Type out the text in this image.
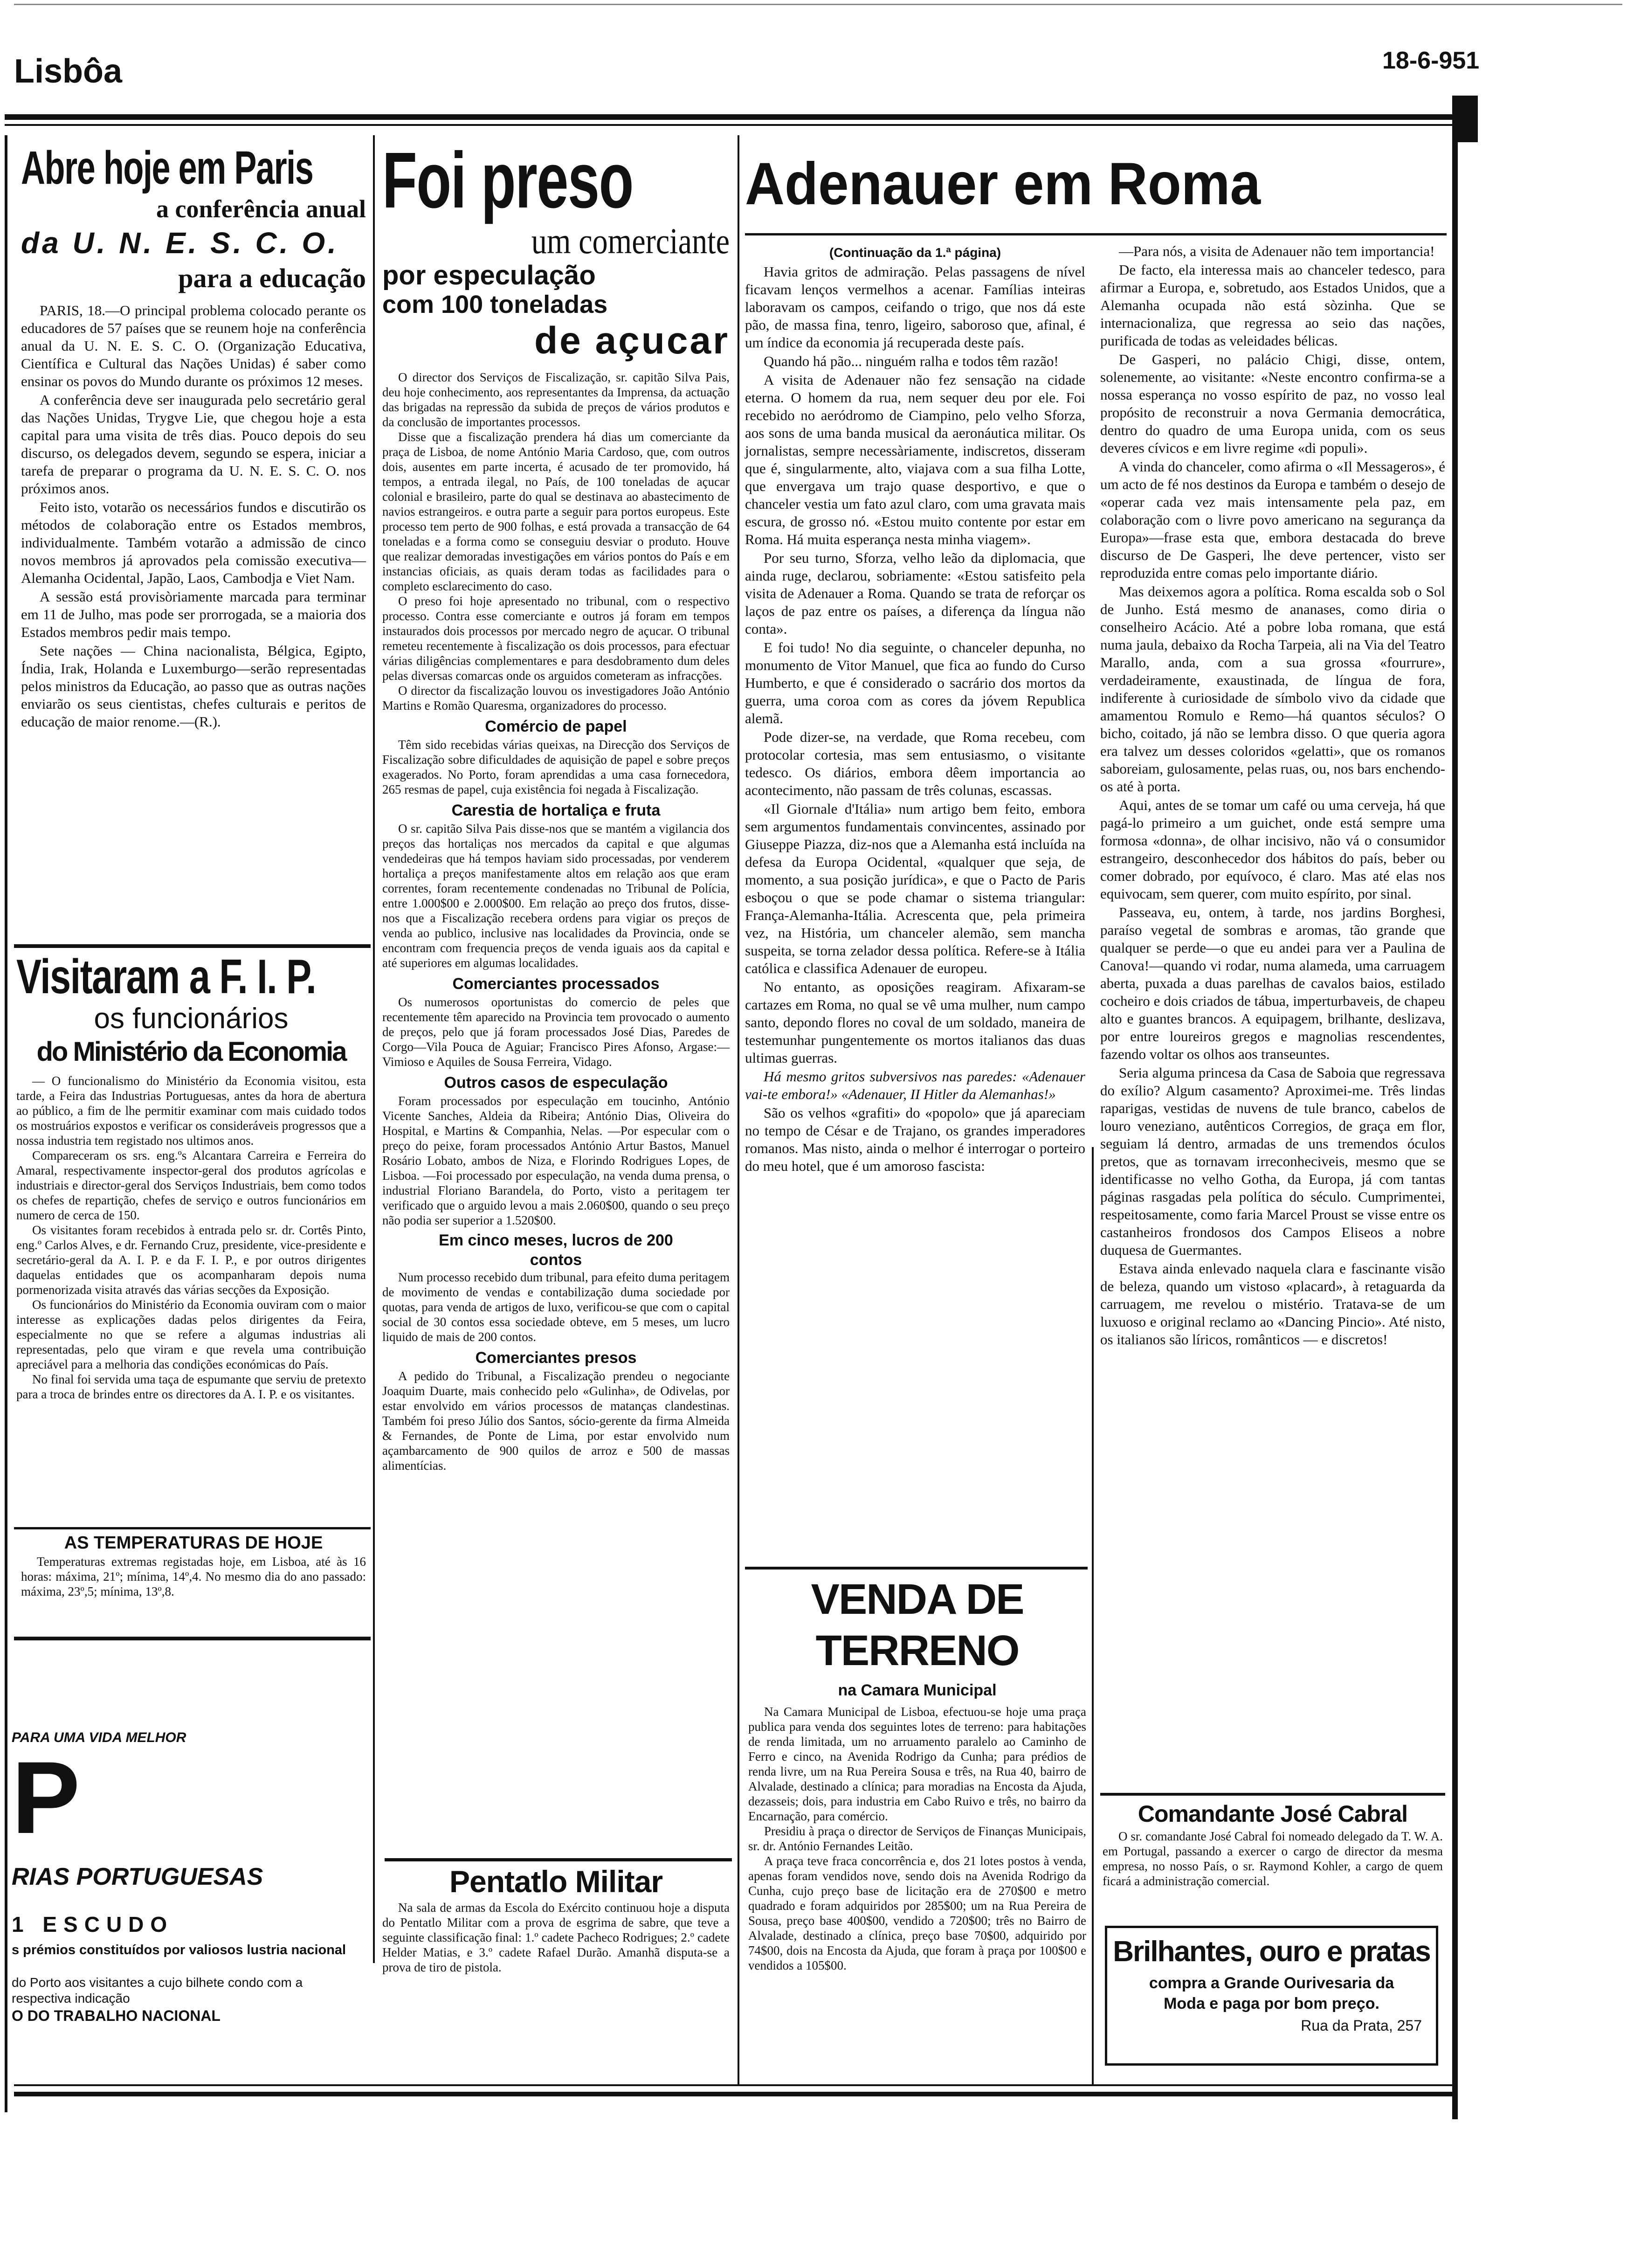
Lisbôa	18-6-951
Abre hoje em Paris
a conferência anual
da U. N. E. S. C. O.
para a educação

PARIS, 18.—O principal problema colocado perante os educadores de 57 países que se reunem hoje na conferência anual da U. N. E. S. C. O. (Organização Educativa, Científica e Cultural das Nações Unidas) é saber como ensinar os povos do Mundo durante os próximos 12 meses.

A conferência deve ser inaugurada pelo secretário geral das Nações Unidas, Trygve Lie, que chegou hoje a esta capital para uma visita de três dias. Pouco depois do seu discurso, os delegados devem, segundo se espera, iniciar a tarefa de preparar o programa da U. N. E. S. C. O. nos próximos anos.

Feito isto, votarão os necessários fundos e discutirão os métodos de colaboração entre os Estados membros, individualmente. Também votarão a admissão de cinco novos membros já aprovados pela comissão executiva—Alemanha Ocidental, Japão, Laos, Cambodja e Viet Nam.

A sessão está provisòriamente marcada para terminar em 11 de Julho, mas pode ser prorrogada, se a maioria dos Estados membros pedir mais tempo.

Sete nações — China nacionalista, Bélgica, Egipto, Índia, Irak, Holanda e Luxemburgo—serão representadas pelos ministros da Educação, ao passo que as outras nações enviarão os seus cientistas, chefes culturais e peritos de educação de maior renome.—(R.).

Visitaram a F. I. P.
os funcionários
do Ministério da Economia

— O funcionalismo do Ministério da Economia visitou, esta tarde, a Feira das Industrias Portuguesas, antes da hora de abertura ao público, a fim de lhe permitir examinar com mais cuidado todos os mostruários expostos e verificar os consideráveis progressos que a nossa industria tem registado nos ultimos anos.

Compareceram os srs. eng.ºs Alcantara Carreira e Ferreira do Amaral, respectivamente inspector-geral dos produtos agrícolas e industriais e director-geral dos Serviços Industriais, bem como todos os chefes de repartição, chefes de serviço e outros funcionários em numero de cerca de 150.

Os visitantes foram recebidos à entrada pelo sr. dr. Cortês Pinto, eng.º Carlos Alves, e dr. Fernando Cruz, presidente, vice-presidente e secretário-geral da A. I. P. e da F. I. P., e por outros dirigentes daquelas entidades que os acompanharam depois numa pormenorizada visita através das várias secções da Exposição.

Os funcionários do Ministério da Economia ouviram com o maior interesse as explicações dadas pelos dirigentes da Feira, especialmente no que se refere a algumas industrias ali representadas, pelo que viram e que revela uma contribuição apreciável para a melhoria das condições económicas do País.

No final foi servida uma taça de espumante que serviu de pretexto para a troca de brindes entre os directores da A. I. P. e os visitantes.

AS TEMPERATURAS DE HOJE
Temperaturas extremas registadas hoje, em Lisboa, até às 16 horas: máxima, 21º; mínima, 14º,4. No mesmo dia do ano passado: máxima, 23º,5; mínima, 13º,8.
PARA UMA VIDA MELHOR
P
RIAS PORTUGUESAS
1 ESCUDO
s prémios constituídos por valiosos lustria nacional
do Porto aos visitantes a cujo bilhete condo com a respectiva indicação
O DO TRABALHO NACIONAL
Foi preso
um comerciante
por especulação
com 100 toneladas
de açucar

O director dos Serviços de Fiscalização, sr. capitão Silva Pais, deu hoje conhecimento, aos representantes da Imprensa, da actuação das brigadas na repressão da subida de preços de vários produtos e da conclusão de importantes processos.

Disse que a fiscalização prendera há dias um comerciante da praça de Lisboa, de nome António Maria Cardoso, que, com outros dois, ausentes em parte incerta, é acusado de ter promovido, há tempos, a entrada ilegal, no País, de 100 toneladas de açucar colonial e brasileiro, parte do qual se destinava ao abastecimento de navios estrangeiros. e outra parte a seguir para portos europeus. Este processo tem perto de 900 folhas, e está provada a transacção de 64 toneladas e a forma como se conseguiu desviar o produto. Houve que realizar demoradas investigações em vários pontos do País e em instancias oficiais, as quais deram todas as facilidades para o completo esclarecimento do caso.

O preso foi hoje apresentado no tribunal, com o respectivo processo. Contra esse comerciante e outros já foram em tempos instaurados dois processos por mercado negro de açucar. O tribunal remeteu recentemente à fiscalização os dois processos, para efectuar várias diligências complementares e para desdobramento dum deles pelas diversas comarcas onde os arguidos cometeram as infracções.

O director da fiscalização louvou os investigadores João António Martins e Romão Quaresma, organizadores do processo.

Comércio de papel

Têm sido recebidas várias queixas, na Direcção dos Serviços de Fiscalização sobre dificuldades de aquisição de papel e sobre preços exagerados. No Porto, foram aprendidas a uma casa fornecedora, 265 resmas de papel, cuja existência foi negada à Fiscalização.

Carestia de hortaliça e fruta

O sr. capitão Silva Pais disse-nos que se mantém a vigilancia dos preços das hortaliças nos mercados da capital e que algumas vendedeiras que há tempos haviam sido processadas, por venderem hortaliça a preços manifestamente altos em relação aos que eram correntes, foram recentemente condenadas no Tribunal de Polícia, entre 1.000$00 e 2.000$00. Em relação ao preço dos frutos, disse-nos que a Fiscalização recebera ordens para vigiar os preços de venda ao publico, inclusive nas localidades da Provincia, onde se encontram com frequencia preços de venda iguais aos da capital e até superiores em algumas localidades.

Comerciantes processados

Os numerosos oportunistas do comercio de peles que recentemente têm aparecido na Provincia tem provocado o aumento de preços, pelo que já foram processados José Dias, Paredes de Corgo—Vila Pouca de Aguiar; Francisco Pires Afonso, Argase:—Vimioso e Aquiles de Sousa Ferreira, Vidago.

Outros casos de especulação

Foram processados por especulação em toucinho, António Vicente Sanches, Aldeia da Ribeira; António Dias, Oliveira do Hospital, e Martins & Companhia, Nelas. —Por especular com o preço do peixe, foram processados António Artur Bastos, Manuel Rosário Lobato, ambos de Niza, e Florindo Rodrigues Lopes, de Lisboa. —Foi processado por especulação, na venda duma prensa, o industrial Floriano Barandela, do Porto, visto a peritagem ter verificado que o arguido levou a mais 2.060$00, quando o seu preço não podia ser superior a 1.520$00.

Em cinco meses, lucros de 200 contos

Num processo recebido dum tribunal, para efeito duma peritagem de movimento de vendas e contabilização duma sociedade por quotas, para venda de artigos de luxo, verificou-se que com o capital social de 30 contos essa sociedade obteve, em 5 meses, um lucro liquido de mais de 200 contos.

Comerciantes presos

A pedido do Tribunal, a Fiscalização prendeu o negociante Joaquim Duarte, mais conhecido pelo «Gulinha», de Odivelas, por estar envolvido em vários processos de matanças clandestinas. Também foi preso Júlio dos Santos, sócio-gerente da firma Almeida & Fernandes, de Ponte de Lima, por estar envolvido num açambarcamento de 900 quilos de arroz e 500 de massas alimentícias.

Pentatlo Militar

Na sala de armas da Escola do Exército continuou hoje a disputa do Pentatlo Militar com a prova de esgrima de sabre, que teve a seguinte classificação final: 1.º cadete Pacheco Rodrigues; 2.º cadete Helder Matias, e 3.º cadete Rafael Durão. Amanhã disputa-se a prova de tiro de pistola.

Adenauer em Roma
(Continuação da 1.ª página)

Havia gritos de admiração. Pelas passagens de nível ficavam lenços vermelhos a acenar. Famílias inteiras laboravam os campos, ceifando o trigo, que nos dá este pão, de massa fina, tenro, ligeiro, saboroso que, afinal, é um índice da economia já recuperada deste país.

Quando há pão... ninguém ralha e todos têm razão!

A visita de Adenauer não fez sensação na cidade eterna. O homem da rua, nem sequer deu por ele. Foi recebido no aeródromo de Ciampino, pelo velho Sforza, aos sons de uma banda musical da aeronáutica militar. Os jornalistas, sempre necessàriamente, indiscretos, disseram que é, singularmente, alto, viajava com a sua filha Lotte, que envergava um trajo quase desportivo, e que o chanceler vestia um fato azul claro, com uma gravata mais escura, de grosso nó. «Estou muito contente por estar em Roma. Há muita esperança nesta minha viagem».

Por seu turno, Sforza, velho leão da diplomacia, que ainda ruge, declarou, sobriamente: «Estou satisfeito pela visita de Adenauer a Roma. Quando se trata de reforçar os laços de paz entre os países, a diferença da língua não conta».

E foi tudo! No dia seguinte, o chanceler depunha, no monumento de Vitor Manuel, que fica ao fundo do Curso Humberto, e que é considerado o sacrário dos mortos da guerra, uma coroa com as cores da jóvem Republica alemã.

Pode dizer-se, na verdade, que Roma recebeu, com protocolar cortesia, mas sem entusiasmo, o visitante tedesco. Os diários, embora dêem importancia ao acontecimento, não passam de três colunas, escassas.

«Il Giornale d'Itália» num artigo bem feito, embora sem argumentos fundamentais convincentes, assinado por Giuseppe Piazza, diz-nos que a Alemanha está incluída na defesa da Europa Ocidental, «qualquer que seja, de momento, a sua posição jurídica», e que o Pacto de Paris esboçou o que se pode chamar o sistema triangular: França-Alemanha-Itália. Acrescenta que, pela primeira vez, na História, um chanceler alemão, sem mancha suspeita, se torna zelador dessa política. Refere-se à Itália católica e classifica Adenauer de europeu.

No entanto, as oposições reagiram. Afixaram-se cartazes em Roma, no qual se vê uma mulher, num campo santo, depondo flores no coval de um soldado, maneira de testemunhar pungentemente os mortos italianos das duas ultimas guerras.

Há mesmo gritos subversivos nas paredes: «Adenauer vai-te embora!» «Adenauer, II Hitler da Alemanhas!»

São os velhos «grafiti» do «popolo» que já apareciam no tempo de César e de Trajano, os grandes imperadores romanos. Mas nisto, ainda o melhor é interrogar o porteiro do meu hotel, que é um amoroso fascista:

—Para nós, a visita de Adenauer não tem importancia!

De facto, ela interessa mais ao chanceler tedesco, para afirmar a Europa, e, sobretudo, aos Estados Unidos, que a Alemanha ocupada não está sòzinha. Que se internacionaliza, que regressa ao seio das nações, purificada de todas as veleidades bélicas.

De Gasperi, no palácio Chigi, disse, ontem, solenemente, ao visitante: «Neste encontro confirma-se a nossa esperança no vosso espírito de paz, no vosso leal propósito de reconstruir a nova Germania democrática, dentro do quadro de uma Europa unida, com os seus deveres cívicos e em livre regime «di populi».

A vinda do chanceler, como afirma o «Il Messageros», é um acto de fé nos destinos da Europa e também o desejo de «operar cada vez mais intensamente pela paz, em colaboração com o livre povo americano na segurança da Europa»—frase esta que, embora destacada do breve discurso de De Gasperi, lhe deve pertencer, visto ser reproduzida entre comas pelo importante diário.

Mas deixemos agora a política. Roma escalda sob o Sol de Junho. Está mesmo de ananases, como diria o conselheiro Acácio. Até a pobre loba romana, que está numa jaula, debaixo da Rocha Tarpeia, ali na Via del Teatro Marallo, anda, com a sua grossa «fourrure», verdadeiramente, exaustinada, de língua de fora, indiferente à curiosidade de símbolo vivo da cidade que amamentou Romulo e Remo—há quantos séculos? O bicho, coitado, já não se lembra disso. O que queria agora era talvez um desses coloridos «gelatti», que os romanos saboreiam, gulosamente, pelas ruas, ou, nos bars enchendo-os até à porta.

Aqui, antes de se tomar um café ou uma cerveja, há que pagá-lo primeiro a um guichet, onde está sempre uma formosa «donna», de olhar incisivo, não vá o consumidor estrangeiro, desconhecedor dos hábitos do país, beber ou comer dobrado, por equívoco, é claro. Mas até elas nos equivocam, sem querer, com muito espírito, por sinal.

Passeava, eu, ontem, à tarde, nos jardins Borghesi, paraíso vegetal de sombras e aromas, tão grande que qualquer se perde—o que eu andei para ver a Paulina de Canova!—quando vi rodar, numa alameda, uma carruagem aberta, puxada a duas parelhas de cavalos baios, estilado cocheiro e dois criados de tábua, imperturbaveis, de chapeu alto e guantes brancos. A equipagem, brilhante, deslizava, por entre loureiros gregos e magnolias rescendentes, fazendo voltar os olhos aos transeuntes.

Seria alguma princesa da Casa de Saboia que regressava do exílio? Algum casamento? Aproximei-me. Três lindas raparigas, vestidas de nuvens de tule branco, cabelos de louro veneziano, autênticos Corregios, de graça em flor, seguiam lá dentro, armadas de uns tremendos óculos pretos, que as tornavam irreconheciveis, mesmo que se identificasse no velho Gotha, da Europa, já com tantas páginas rasgadas pela política do século. Cumprimentei, respeitosamente, como faria Marcel Proust se visse entre os castanheiros frondosos dos Campos Eliseos a nobre duquesa de Guermantes.

Estava ainda enlevado naquela clara e fascinante visão de beleza, quando um vistoso «placard», à retaguarda da carruagem, me revelou o mistério. Tratava-se de um luxuoso e original reclamo ao «Dancing Pincio». Até nisto, os italianos são líricos, românticos — e discretos!

VENDA DE TERRENO
na Camara Municipal

Na Camara Municipal de Lisboa, efectuou-se hoje uma praça publica para venda dos seguintes lotes de terreno: para habitações de renda limitada, um no arruamento paralelo ao Caminho de Ferro e cinco, na Avenida Rodrigo da Cunha; para prédios de renda livre, um na Rua Pereira Sousa e três, na Rua 40, bairro de Alvalade, destinado a clínica; para moradias na Encosta da Ajuda, dezasseis; dois, para industria em Cabo Ruivo e três, no bairro da Encarnação, para comércio.

Presidiu à praça o director de Serviços de Finanças Municipais, sr. dr. António Fernandes Leitão.

A praça teve fraca concorrência e, dos 21 lotes postos à venda, apenas foram vendidos nove, sendo dois na Avenida Rodrigo da Cunha, cujo preço base de licitação era de 270$00 e metro quadrado e foram adquiridos por 285$00; um na Rua Pereira de Sousa, preço base 400$00, vendido a 720$00; três no Bairro de Alvalade, destinado a clínica, preço base 70$00, adquirido por 74$00, dois na Encosta da Ajuda, que foram à praça por 100$00 e vendidos a 105$00.

Comandante José Cabral

O sr. comandante José Cabral foi nomeado delegado da T. W. A. em Portugal, passando a exercer o cargo de director da mesma empresa, no nosso País, o sr. Raymond Kohler, a cargo de quem ficará a administração comercial.

Brilhantes, ouro e pratas
compra a Grande Ourivesaria da
Moda e paga por bom preço.
Rua da Prata, 257
